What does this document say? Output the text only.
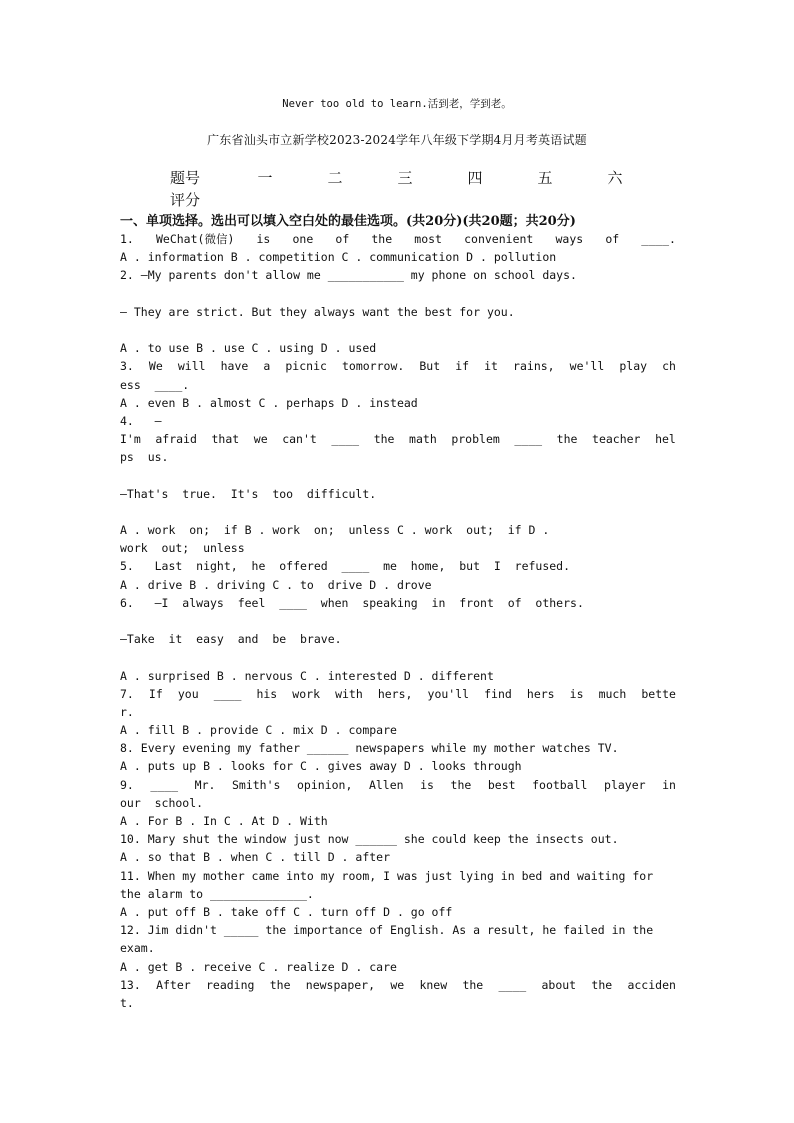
Never too old to learn.活到老，学到老。
广东省汕头市立新学校2023-2024学年八年级下学期4月月考英语试题
题号	一	二	三	四	五	六
评分
一、单项选择。选出可以填入空白处的最佳选项。(共20分)(共20题；共20分)
1. WeChat(微信) is one of the most convenient ways of ____.
A . information B . competition C . communication D . pollution
2. —My parents don't allow me ___________ my phone on school days.
— They are strict. But they always want the best for you.
A . to use B . use C . using D . used
3. We will have a picnic tomorrow. But if it rains, we'll play ch
ess  ____.
A . even B . almost C . perhaps D . instead
4.   —
I'm afraid that we can't ____ the math problem ____ the teacher hel
ps  us.
—That's  true.  It's  too  difficult.
A . work  on;  if B . work  on;  unless C . work  out;  if D .
work  out;  unless
5.   Last  night,  he  offered  ____  me  home,  but  I  refused.
A . drive B . driving C . to  drive D . drove
6.   —I  always  feel  ____  when  speaking  in  front  of  others.
—Take  it  easy  and  be  brave.
A . surprised B . nervous C . interested D . different
7. If you ____ his work with hers, you'll find hers is much bette
r.
A . fill B . provide C . mix D . compare
8. Every evening my father ______ newspapers while my mother watches TV.
A . puts up B . looks for C . gives away D . looks through
9. ____ Mr. Smith's opinion, Allen is the best football player in
our  school.
A . For B . In C . At D . With
10. Mary shut the window just now ______ she could keep the insects out.
A . so that B . when C . till D . after
11. When my mother came into my room, I was just lying in bed and waiting for
the alarm to ______________.
A . put off B . take off C . turn off D . go off
12. Jim didn't _____ the importance of English. As a result, he failed in the
exam.
A . get B . receive C . realize D . care
13. After reading the newspaper, we knew the ____ about the acciden
t.
